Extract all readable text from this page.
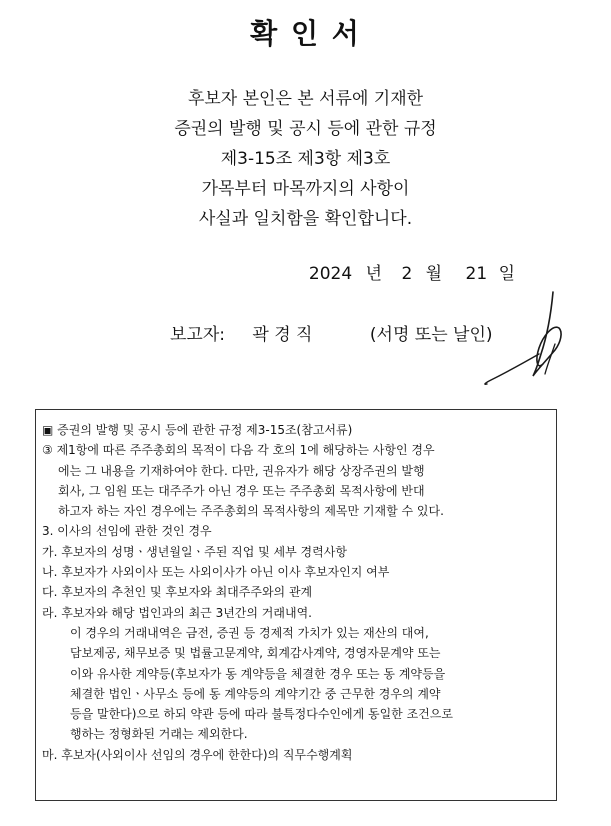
확 인 서
후보자 본인은 본 서류에 기재한
증권의 발행 및 공시 등에 관한 규정
제3-15조 제3항 제3호
가목부터 마목까지의 사항이
사실과 일치함을 확인합니다.
2024 년 2 월 21 일
보고자: 곽 경 직	(서명 또는 날인)
▣ 증권의 발행 및 공시 등에 관한 규정 제3-15조(참고서류)
③ 제1항에 따른 주주총회의 목적이 다음 각 호의 1에 해당하는 사항인 경우
에는 그 내용을 기재하여야 한다. 다만, 권유자가 해당 상장주권의 발행
회사, 그 임원 또는 대주주가 아닌 경우 또는 주주총회 목적사항에 반대
하고자 하는 자인 경우에는 주주총회의 목적사항의 제목만 기재할 수 있다.
3. 이사의 선임에 관한 것인 경우
가. 후보자의 성명ㆍ생년월일ㆍ주된 직업 및 세부 경력사항
나. 후보자가 사외이사 또는 사외이사가 아닌 이사 후보자인지 여부
다. 후보자의 추천인 및 후보자와 최대주주와의 관계
라. 후보자와 해당 법인과의 최근 3년간의 거래내역.
이 경우의 거래내역은 금전, 증권 등 경제적 가치가 있는 재산의 대여,
담보제공, 채무보증 및 법률고문계약, 회계감사계약, 경영자문계약 또는
이와 유사한 계약등(후보자가 동 계약등을 체결한 경우 또는 동 계약등을
체결한 법인ㆍ사무소 등에 동 계약등의 계약기간 중 근무한 경우의 계약
등을 말한다)으로 하되 약관 등에 따라 불특정다수인에게 동일한 조건으로
행하는 정형화된 거래는 제외한다.
마. 후보자(사외이사 선임의 경우에 한한다)의 직무수행계획
